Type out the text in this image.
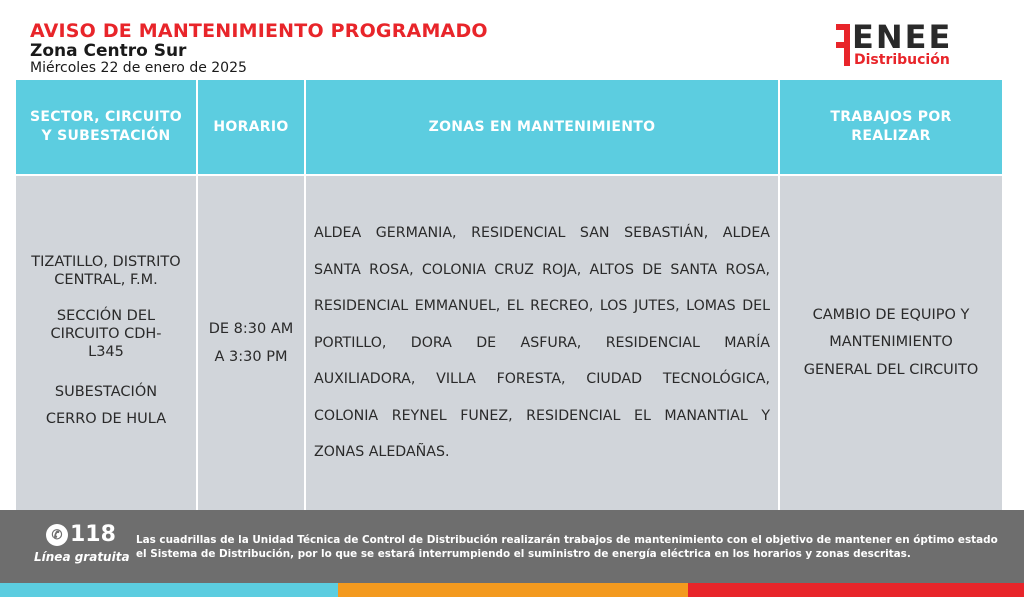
AVISO DE MANTENIMIENTO PROGRAMADO
Zona Centro Sur
Miércoles 22 de enero de 2025
ENEE
Distribución
SECTOR, CIRCUITO Y SUBESTACIÓN
HORARIO	ZONAS EN MANTENIMIENTO
TRABAJOS POR REALIZAR

TIZATILLO, DISTRITO CENTRAL, F.M.

SECCIÓN DEL CIRCUITO CDH-L345

SUBESTACIÓN CERRO DE HULA

DE 8:30 AM
A 3:30 PM
ALDEA GERMANIA, RESIDENCIAL SAN SEBASTIÁN, ALDEA SANTA ROSA, COLONIA CRUZ ROJA, ALTOS DE SANTA ROSA, RESIDENCIAL EMMANUEL, EL RECREO, LOS JUTES, LOMAS DEL PORTILLO, DORA DE ASFURA, RESIDENCIAL MARÍA AUXILIADORA, VILLA FORESTA, CIUDAD TECNOLÓGICA, COLONIA REYNEL FUNEZ, RESIDENCIAL EL MANANTIAL Y ZONAS ALEDAÑAS.
CAMBIO DE EQUIPO Y MANTENIMIENTO GENERAL DEL CIRCUITO
✆ 118
Línea gratuita
Las cuadrillas de la Unidad Técnica de Control de Distribución realizarán trabajos de mantenimiento con el objetivo de mantener en óptimo estado el Sistema de Distribución, por lo que se estará interrumpiendo el suministro de energía eléctrica en los horarios y zonas descritas.
